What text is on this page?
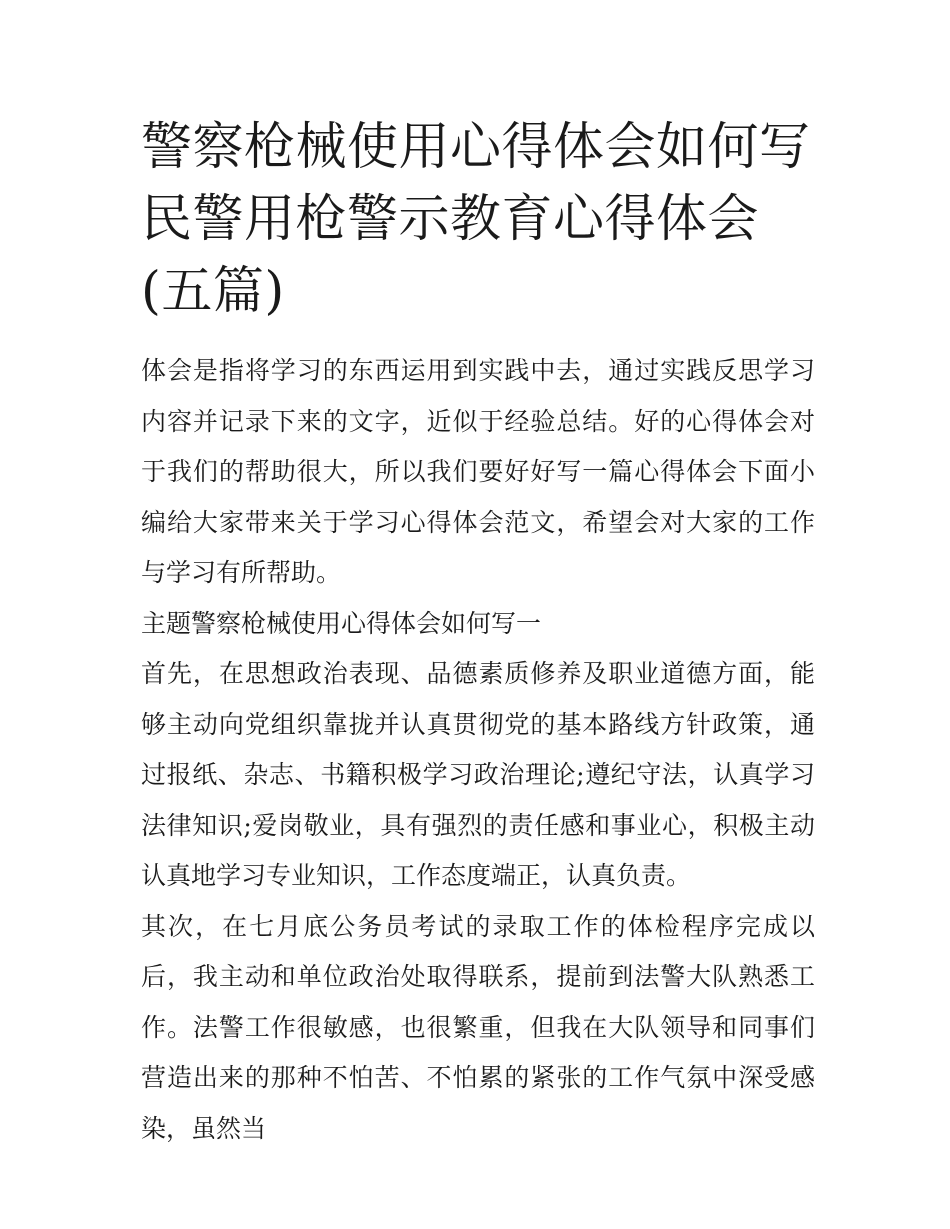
警察枪械使用心得体会如何写民警用枪警示教育心得体会(五篇)

体会是指将学习的东西运用到实践中去，通过实践反思学习内容并记录下来的文字，近似于经验总结。好的心得体会对于我们的帮助很大，所以我们要好好写一篇心得体会下面小编给大家带来关于学习心得体会范文，希望会对大家的工作与学习有所帮助。

主题警察枪械使用心得体会如何写一

首先，在思想政治表现、品德素质修养及职业道德方面，能够主动向党组织靠拢并认真贯彻党的基本路线方针政策，通过报纸、杂志、书籍积极学习政治理论;遵纪守法，认真学习法律知识;爱岗敬业，具有强烈的责任感和事业心，积极主动认真地学习专业知识，工作态度端正，认真负责。

其次，在七月底公务员考试的录取工作的体检程序完成以后，我主动和单位政治处取得联系，提前到法警大队熟悉工作。法警工作很敏感，也很繁重，但我在大队领导和同事们营造出来的那种不怕苦、不怕累的紧张的工作气氛中深受感染，虽然当
